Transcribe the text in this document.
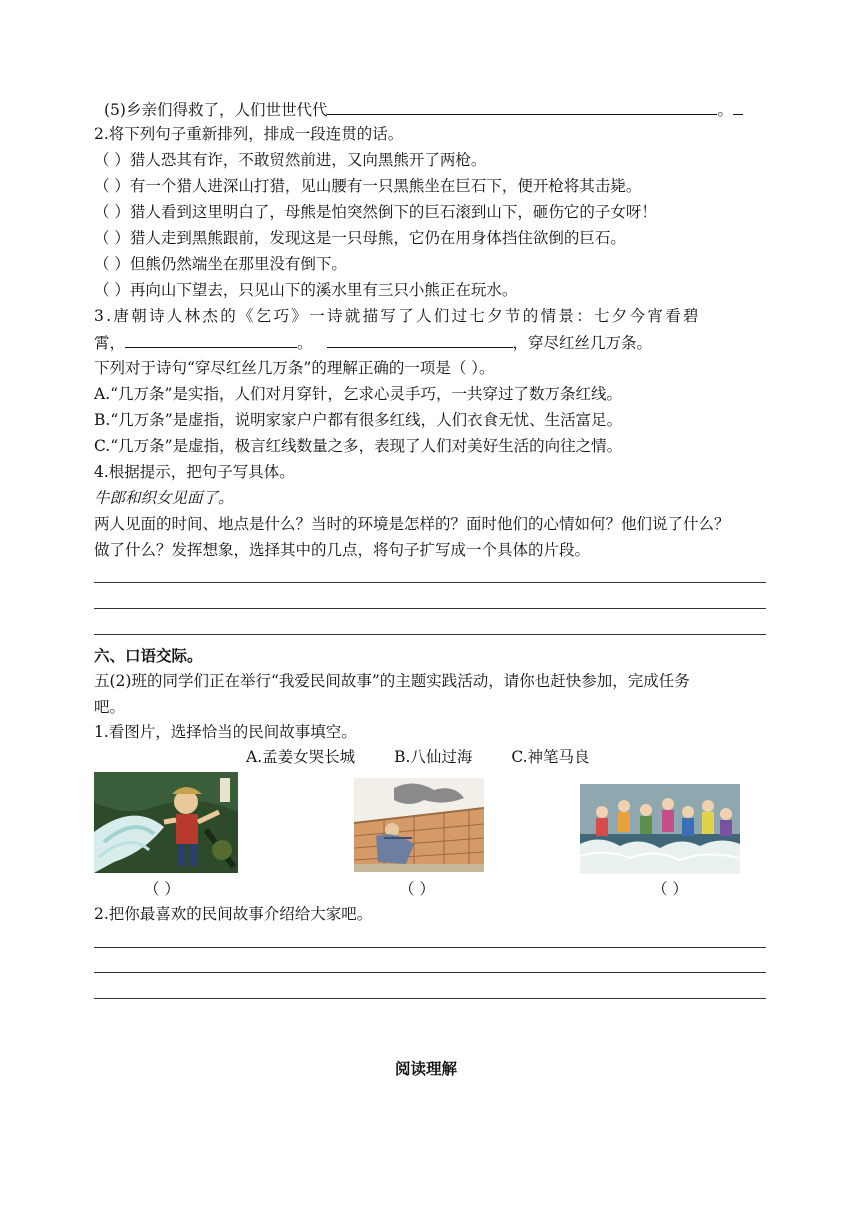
(5)乡亲们得救了，人们世世代代	。
2.将下列句子重新排列，排成一段连贯的话。
（ ）猎人恐其有诈，不敢贸然前进，又向黑熊开了两枪。
（ ）有一个猎人进深山打猎，见山腰有一只黑熊坐在巨石下，便开枪将其击毙。
（ ）猎人看到这里明白了，母熊是怕突然倒下的巨石滚到山下，砸伤它的子女呀！
（ ）猎人走到黑熊跟前，发现这是一只母熊，它仍在用身体挡住欲倒的巨石。
（ ）但熊仍然端坐在那里没有倒下。
（ ）再向山下望去，只见山下的溪水里有三只小熊正在玩水。
3.唐朝诗人林杰的《乞巧》一诗就描写了人们过七夕节的情景：七夕今宵看碧
霄，	。	，穿尽红丝几万条。
下列对于诗句“穿尽红丝几万条”的理解正确的一项是（ ）。
A.“几万条”是实指，人们对月穿针，乞求心灵手巧，一共穿过了数万条红线。
B.“几万条”是虚指，说明家家户户都有很多红线，人们衣食无忧、生活富足。
C.“几万条”是虚指，极言红线数量之多，表现了人们对美好生活的向往之情。
4.根据提示，把句子写具体。
牛郎和织女见面了。
两人见面的时间、地点是什么？当时的环境是怎样的？面时他们的心情如何？他们说了什么？
做了什么？发挥想象，选择其中的几点，将句子扩写成一个具体的片段。
六、口语交际。
五(2)班的同学们正在举行“我爱民间故事”的主题实践活动，请你也赶快参加，完成任务
吧。
1.看图片，选择恰当的民间故事填空。
A.孟姜女哭长城	B.八仙过海	C.神笔马良
（ ）	（ ）	（ ）
2.把你最喜欢的民间故事介绍给大家吧。
阅读理解
